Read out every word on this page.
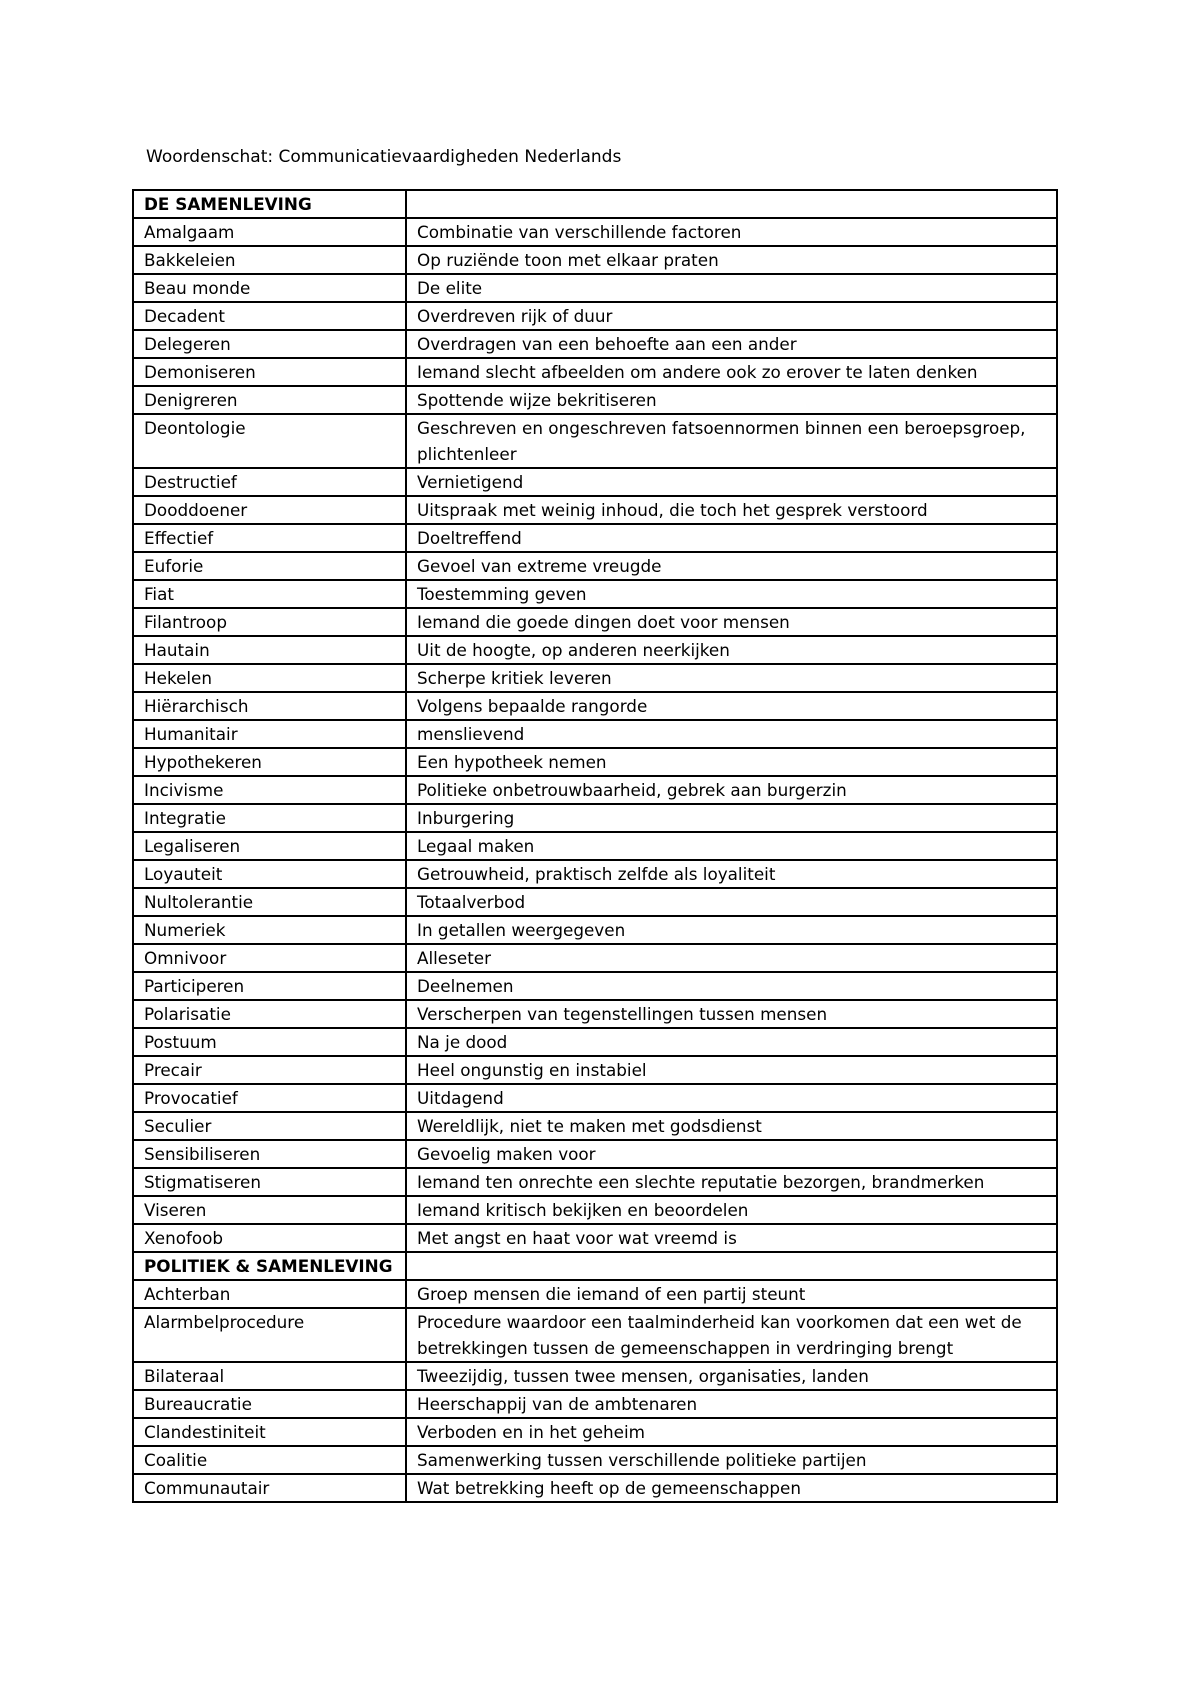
Woordenschat: Communicatievaardigheden Nederlands
DE SAMENLEVING	
Amalgaam	Combinatie van verschillende factoren
Bakkeleien	Op ruziënde toon met elkaar praten
Beau monde	De elite
Decadent	Overdreven rijk of duur
Delegeren	Overdragen van een behoefte aan een ander
Demoniseren	Iemand slecht afbeelden om andere ook zo erover te laten denken
Denigreren	Spottende wijze bekritiseren
Deontologie	Geschreven en ongeschreven fatsoennormen binnen een beroepsgroep, plichtenleer
Destructief	Vernietigend
Dooddoener	Uitspraak met weinig inhoud, die toch het gesprek verstoord
Effectief	Doeltreffend
Euforie	Gevoel van extreme vreugde
Fiat	Toestemming geven
Filantroop	Iemand die goede dingen doet voor mensen
Hautain	Uit de hoogte, op anderen neerkijken
Hekelen	Scherpe kritiek leveren
Hiërarchisch	Volgens bepaalde rangorde
Humanitair	menslievend
Hypothekeren	Een hypotheek nemen
Incivisme	Politieke onbetrouwbaarheid, gebrek aan burgerzin
Integratie	Inburgering
Legaliseren	Legaal maken
Loyauteit	Getrouwheid, praktisch zelfde als loyaliteit
Nultolerantie	Totaalverbod
Numeriek	In getallen weergegeven
Omnivoor	Alleseter
Participeren	Deelnemen
Polarisatie	Verscherpen van tegenstellingen tussen mensen
Postuum	Na je dood
Precair	Heel ongunstig en instabiel
Provocatief	Uitdagend
Seculier	Wereldlijk, niet te maken met godsdienst
Sensibiliseren	Gevoelig maken voor
Stigmatiseren	Iemand ten onrechte een slechte reputatie bezorgen, brandmerken
Viseren	Iemand kritisch bekijken en beoordelen
Xenofoob	Met angst en haat voor wat vreemd is
POLITIEK & SAMENLEVING	
Achterban	Groep mensen die iemand of een partij steunt
Alarmbelprocedure	Procedure waardoor een taalminderheid kan voorkomen dat een wet de betrekkingen tussen de gemeenschappen in verdringing brengt
Bilateraal	Tweezijdig, tussen twee mensen, organisaties, landen
Bureaucratie	Heerschappij van de ambtenaren
Clandestiniteit	Verboden en in het geheim
Coalitie	Samenwerking tussen verschillende politieke partijen
Communautair	Wat betrekking heeft op de gemeenschappen
